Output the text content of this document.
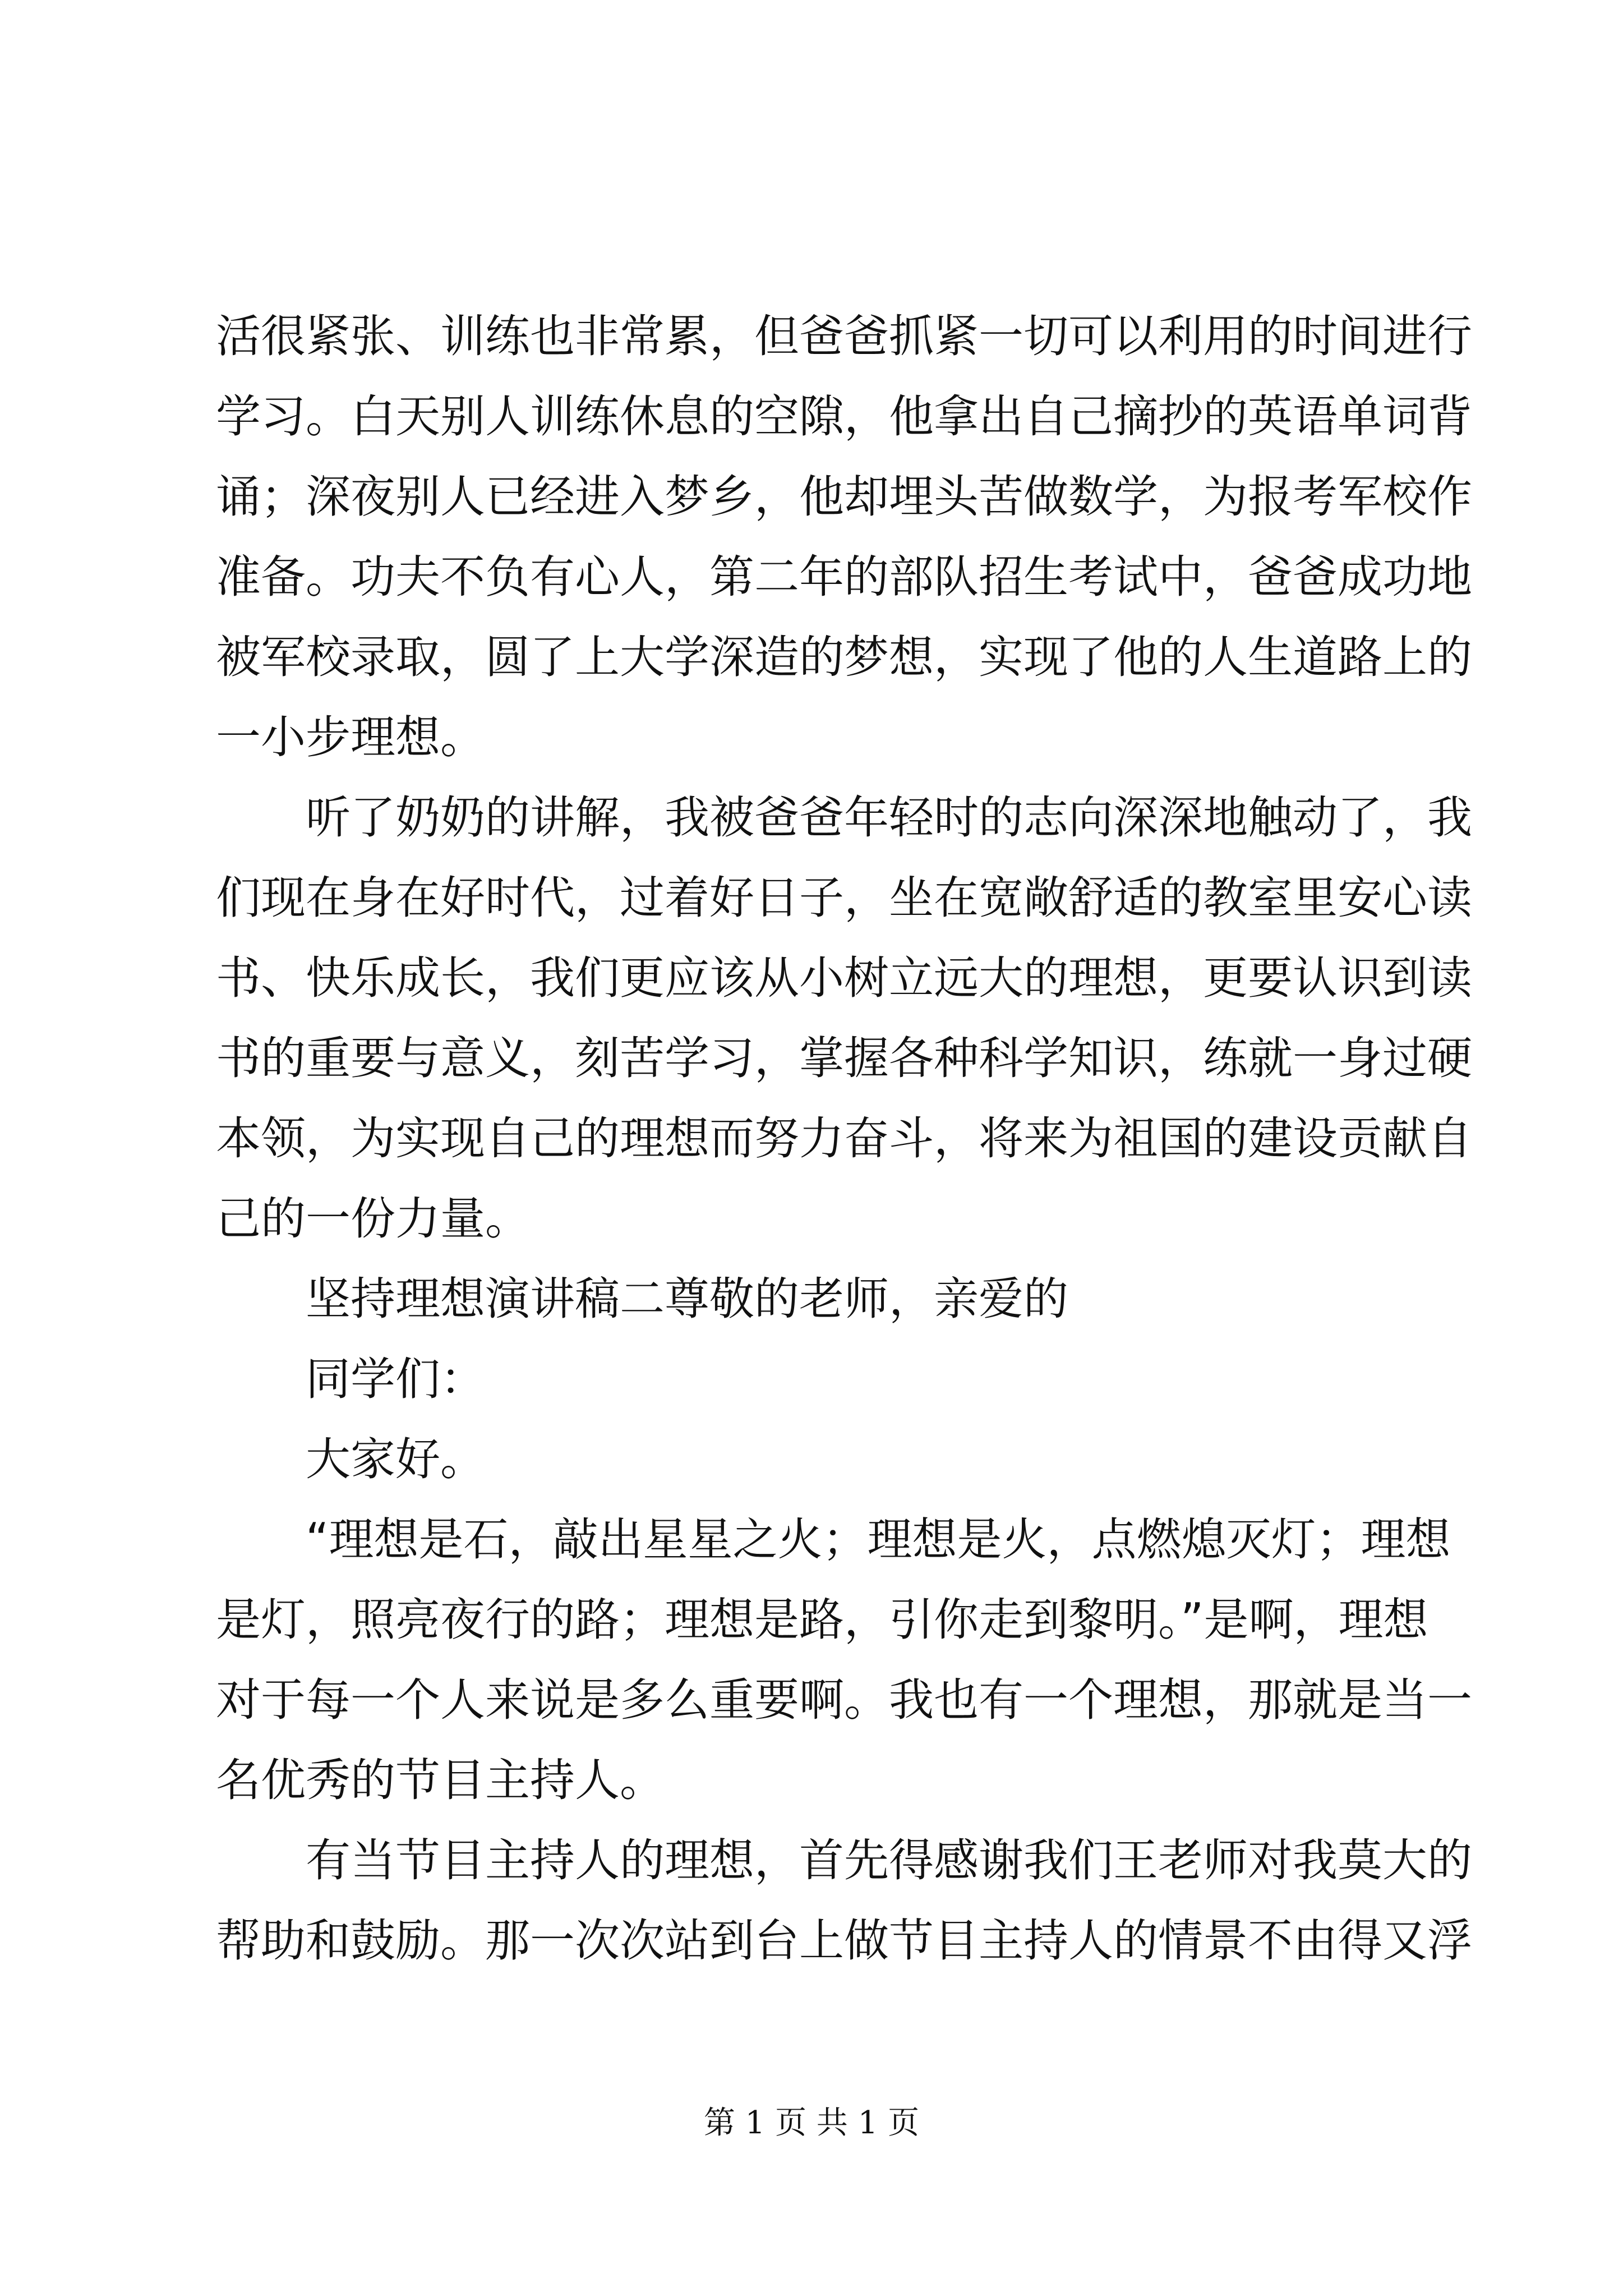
活很紧张、训练也非常累，但爸爸抓紧一切可以利用的时间进行
学习。白天别人训练休息的空隙，他拿出自己摘抄的英语单词背
诵；深夜别人已经进入梦乡，他却埋头苦做数学，为报考军校作
准备。功夫不负有心人，第二年的部队招生考试中，爸爸成功地
被军校录取，圆了上大学深造的梦想，实现了他的人生道路上的
一小步理想。
听了奶奶的讲解，我被爸爸年轻时的志向深深地触动了，我
们现在身在好时代，过着好日子，坐在宽敞舒适的教室里安心读
书、快乐成长，我们更应该从小树立远大的理想，更要认识到读
书的重要与意义，刻苦学习，掌握各种科学知识，练就一身过硬
本领，为实现自己的理想而努力奋斗，将来为祖国的建设贡献自
己的一份力量。
坚持理想演讲稿二尊敬的老师，亲爱的
同学们：
大家好。
“理想是石，敲出星星之火；理想是火，点燃熄灭灯；理想
是灯，照亮夜行的路；理想是路，引你走到黎明。”是啊，理想
对于每一个人来说是多么重要啊。我也有一个理想，那就是当一
名优秀的节目主持人。
有当节目主持人的理想，首先得感谢我们王老师对我莫大的
帮助和鼓励。那一次次站到台上做节目主持人的情景不由得又浮
第 1 页 共 1 页
